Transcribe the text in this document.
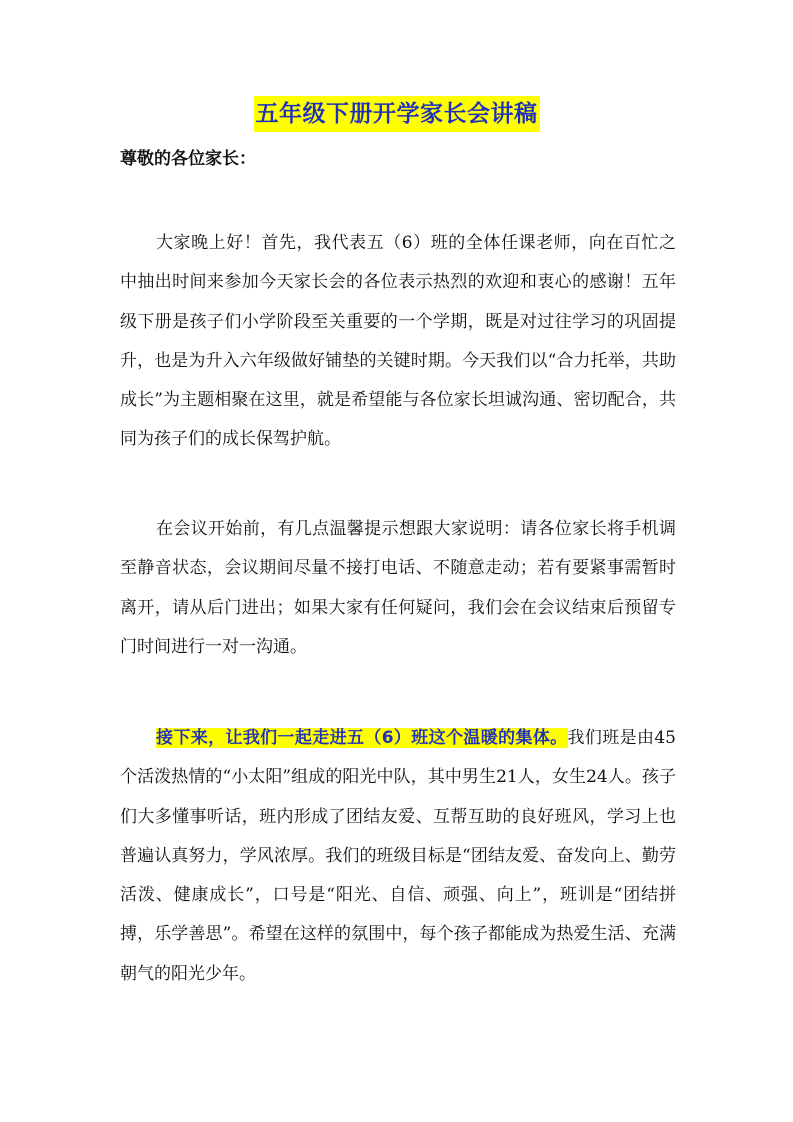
五年级下册开学家长会讲稿

尊敬的各位家长：

大家晚上好！首先，我代表五（6）班的全体任课老师，向在百忙之中抽出时间来参加今天家长会的各位表示热烈的欢迎和衷心的感谢！五年级下册是孩子们小学阶段至关重要的一个学期，既是对过往学习的巩固提升，也是为升入六年级做好铺垫的关键时期。今天我们以“合力托举，共助成长”为主题相聚在这里，就是希望能与各位家长坦诚沟通、密切配合，共同为孩子们的成长保驾护航。

在会议开始前，有几点温馨提示想跟大家说明：请各位家长将手机调至静音状态，会议期间尽量不接打电话、不随意走动；若有要紧事需暂时离开，请从后门进出；如果大家有任何疑问，我们会在会议结束后预留专门时间进行一对一沟通。

接下来，让我们一起走进五（6）班这个温暖的集体。我们班是由45个活泼热情的“小太阳”组成的阳光中队，其中男生21人，女生24人。孩子们大多懂事听话，班内形成了团结友爱、互帮互助的良好班风，学习上也普遍认真努力，学风浓厚。我们的班级目标是“团结友爱、奋发向上、勤劳活泼、健康成长”，口号是“阳光、自信、顽强、向上”，班训是“团结拼搏，乐学善思”。希望在这样的氛围中，每个孩子都能成为热爱生活、充满朝气的阳光少年。
